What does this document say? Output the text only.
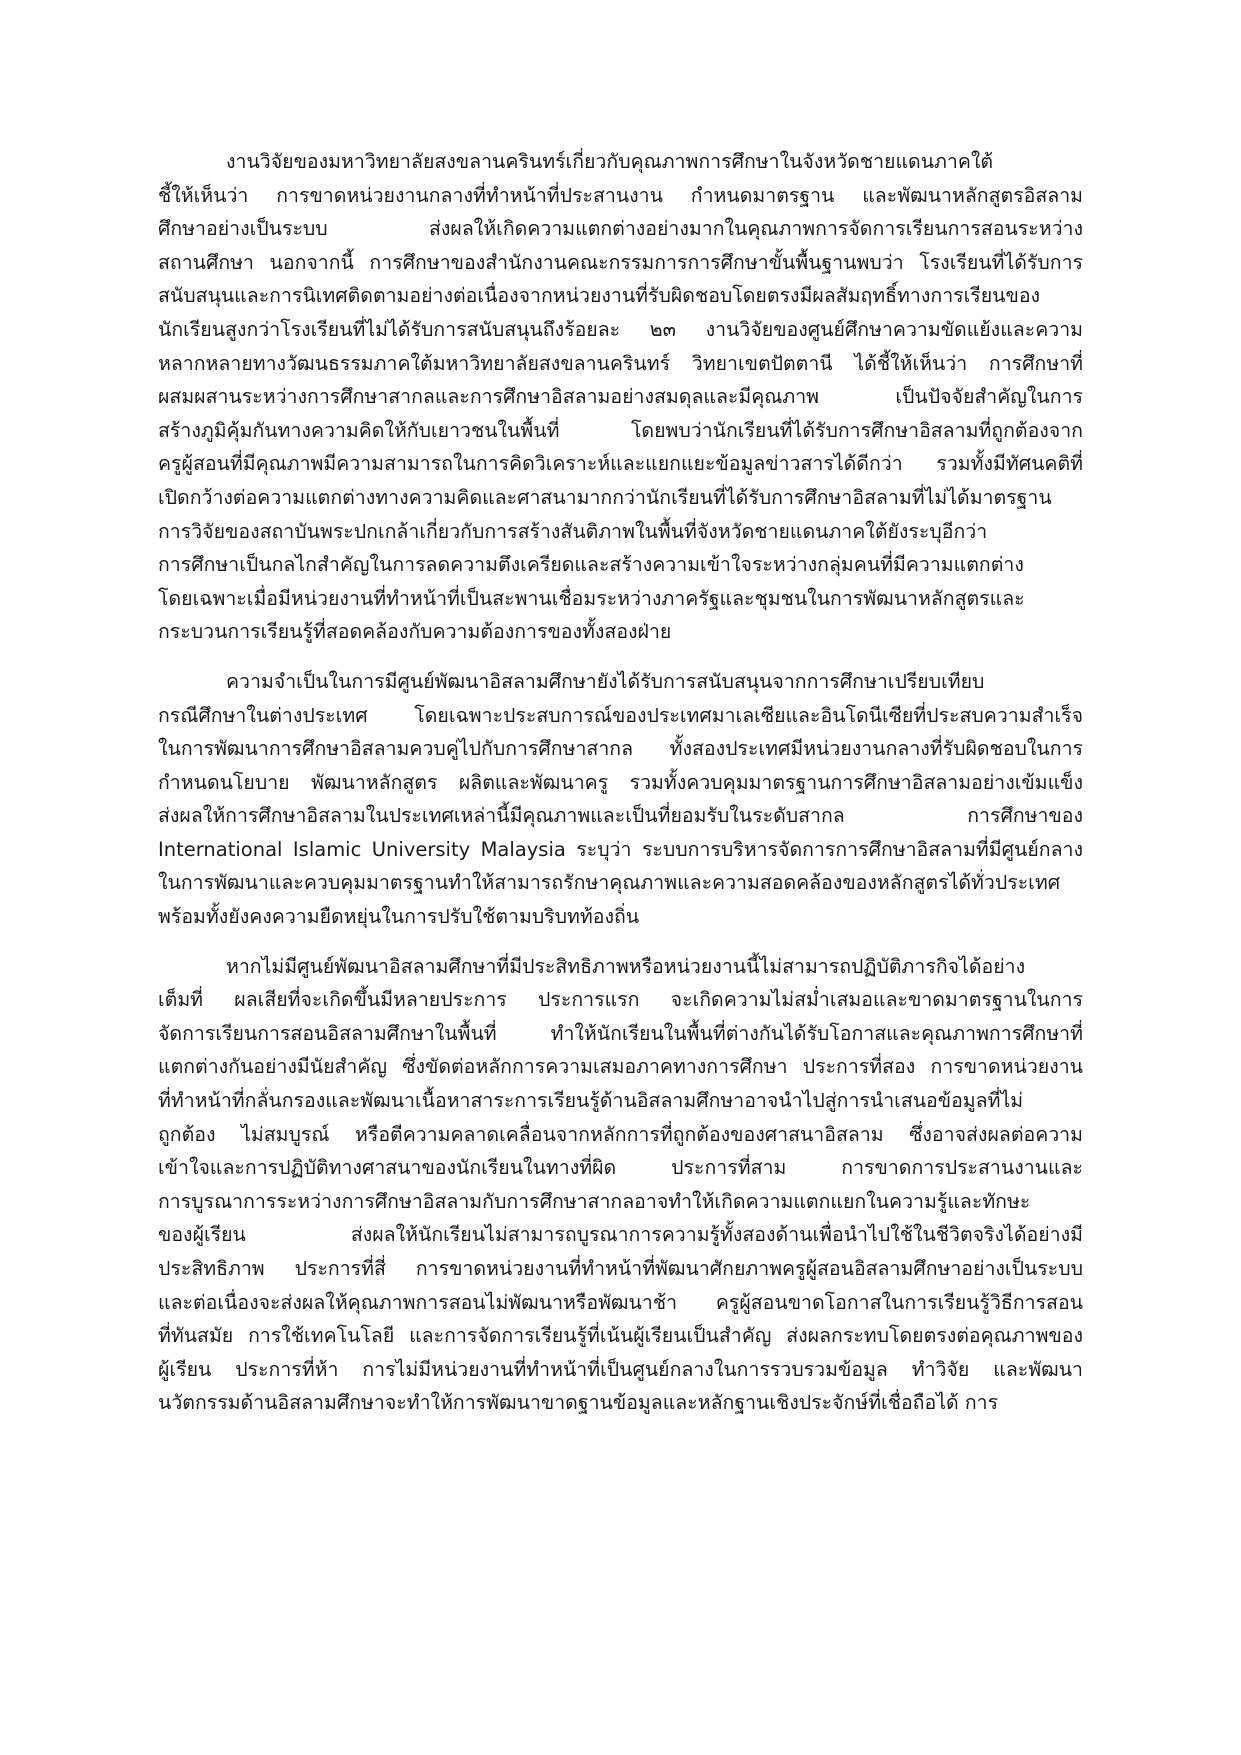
งานวิจัยของมหาวิทยาลัยสงขลานครินทร์เกี่ยวกับคุณภาพการศึกษาในจังหวัดชายแดนภาคใต้
ชี้ให้เห็นว่า การขาดหน่วยงานกลางที่ทำหน้าที่ประสานงาน กำหนดมาตรฐาน และพัฒนาหลักสูตรอิสลาม
ศึกษาอย่างเป็นระบบ ส่งผลให้เกิดความแตกต่างอย่างมากในคุณภาพการจัดการเรียนการสอนระหว่าง
สถานศึกษา นอกจากนี้ การศึกษาของสำนักงานคณะกรรมการการศึกษาขั้นพื้นฐานพบว่า โรงเรียนที่ได้รับการ
สนับสนุนและการนิเทศติดตามอย่างต่อเนื่องจากหน่วยงานที่รับผิดชอบโดยตรงมีผลสัมฤทธิ์ทางการเรียนของ
นักเรียนสูงกว่าโรงเรียนที่ไม่ได้รับการสนับสนุนถึงร้อยละ ๒๓ งานวิจัยของศูนย์ศึกษาความขัดแย้งและความ
หลากหลายทางวัฒนธรรมภาคใต้มหาวิทยาลัยสงขลานครินทร์ วิทยาเขตปัตตานี ได้ชี้ให้เห็นว่า การศึกษาที่
ผสมผสานระหว่างการศึกษาสากลและการศึกษาอิสลามอย่างสมดุลและมีคุณภาพ เป็นปัจจัยสำคัญในการ
สร้างภูมิคุ้มกันทางความคิดให้กับเยาวชนในพื้นที่ โดยพบว่านักเรียนที่ได้รับการศึกษาอิสลามที่ถูกต้องจาก
ครูผู้สอนที่มีคุณภาพมีความสามารถในการคิดวิเคราะห์และแยกแยะข้อมูลข่าวสารได้ดีกว่า รวมทั้งมีทัศนคติที่
เปิดกว้างต่อความแตกต่างทางความคิดและศาสนามากกว่านักเรียนที่ได้รับการศึกษาอิสลามที่ไม่ได้มาตรฐาน
การวิจัยของสถาบันพระปกเกล้าเกี่ยวกับการสร้างสันติภาพในพื้นที่จังหวัดชายแดนภาคใต้ยังระบุอีกว่า
การศึกษาเป็นกลไกสำคัญในการลดความตึงเครียดและสร้างความเข้าใจระหว่างกลุ่มคนที่มีความแตกต่าง
โดยเฉพาะเมื่อมีหน่วยงานที่ทำหน้าที่เป็นสะพานเชื่อมระหว่างภาครัฐและชุมชนในการพัฒนาหลักสูตรและ
กระบวนการเรียนรู้ที่สอดคล้องกับความต้องการของทั้งสองฝ่าย
ความจำเป็นในการมีศูนย์พัฒนาอิสลามศึกษายังได้รับการสนับสนุนจากการศึกษาเปรียบเทียบ
กรณีศึกษาในต่างประเทศ โดยเฉพาะประสบการณ์ของประเทศมาเลเซียและอินโดนีเซียที่ประสบความสำเร็จ
ในการพัฒนาการศึกษาอิสลามควบคู่ไปกับการศึกษาสากล ทั้งสองประเทศมีหน่วยงานกลางที่รับผิดชอบในการ
กำหนดนโยบาย พัฒนาหลักสูตร ผลิตและพัฒนาครู รวมทั้งควบคุมมาตรฐานการศึกษาอิสลามอย่างเข้มแข็ง
ส่งผลให้การศึกษาอิสลามในประเทศเหล่านี้มีคุณภาพและเป็นที่ยอมรับในระดับสากล การศึกษาของ
International Islamic University Malaysia ระบุว่า ระบบการบริหารจัดการการศึกษาอิสลามที่มีศูนย์กลาง
ในการพัฒนาและควบคุมมาตรฐานทำให้สามารถรักษาคุณภาพและความสอดคล้องของหลักสูตรได้ทั่วประเทศ
พร้อมทั้งยังคงความยืดหยุ่นในการปรับใช้ตามบริบทท้องถิ่น
หากไม่มีศูนย์พัฒนาอิสลามศึกษาที่มีประสิทธิภาพหรือหน่วยงานนี้ไม่สามารถปฏิบัติภารกิจได้อย่าง
เต็มที่ ผลเสียที่จะเกิดขึ้นมีหลายประการ ประการแรก จะเกิดความไม่สม่ำเสมอและขาดมาตรฐานในการ
จัดการเรียนการสอนอิสลามศึกษาในพื้นที่ ทำให้นักเรียนในพื้นที่ต่างกันได้รับโอกาสและคุณภาพการศึกษาที่
แตกต่างกันอย่างมีนัยสำคัญ ซึ่งขัดต่อหลักการความเสมอภาคทางการศึกษา ประการที่สอง การขาดหน่วยงาน
ที่ทำหน้าที่กลั่นกรองและพัฒนาเนื้อหาสาระการเรียนรู้ด้านอิสลามศึกษาอาจนำไปสู่การนำเสนอข้อมูลที่ไม่
ถูกต้อง ไม่สมบูรณ์ หรือตีความคลาดเคลื่อนจากหลักการที่ถูกต้องของศาสนาอิสลาม ซึ่งอาจส่งผลต่อความ
เข้าใจและการปฏิบัติทางศาสนาของนักเรียนในทางที่ผิด ประการที่สาม การขาดการประสานงานและ
การบูรณาการระหว่างการศึกษาอิสลามกับการศึกษาสากลอาจทำให้เกิดความแตกแยกในความรู้และทักษะ
ของผู้เรียน ส่งผลให้นักเรียนไม่สามารถบูรณาการความรู้ทั้งสองด้านเพื่อนำไปใช้ในชีวิตจริงได้อย่างมี
ประสิทธิภาพ ประการที่สี่ การขาดหน่วยงานที่ทำหน้าที่พัฒนาศักยภาพครูผู้สอนอิสลามศึกษาอย่างเป็นระบบ
และต่อเนื่องจะส่งผลให้คุณภาพการสอนไม่พัฒนาหรือพัฒนาช้า ครูผู้สอนขาดโอกาสในการเรียนรู้วิธีการสอน
ที่ทันสมัย การใช้เทคโนโลยี และการจัดการเรียนรู้ที่เน้นผู้เรียนเป็นสำคัญ ส่งผลกระทบโดยตรงต่อคุณภาพของ
ผู้เรียน ประการที่ห้า การไม่มีหน่วยงานที่ทำหน้าที่เป็นศูนย์กลางในการรวบรวมข้อมูล ทำวิจัย และพัฒนา
นวัตกรรมด้านอิสลามศึกษาจะทำให้การพัฒนาขาดฐานข้อมูลและหลักฐานเชิงประจักษ์ที่เชื่อถือได้ การ
